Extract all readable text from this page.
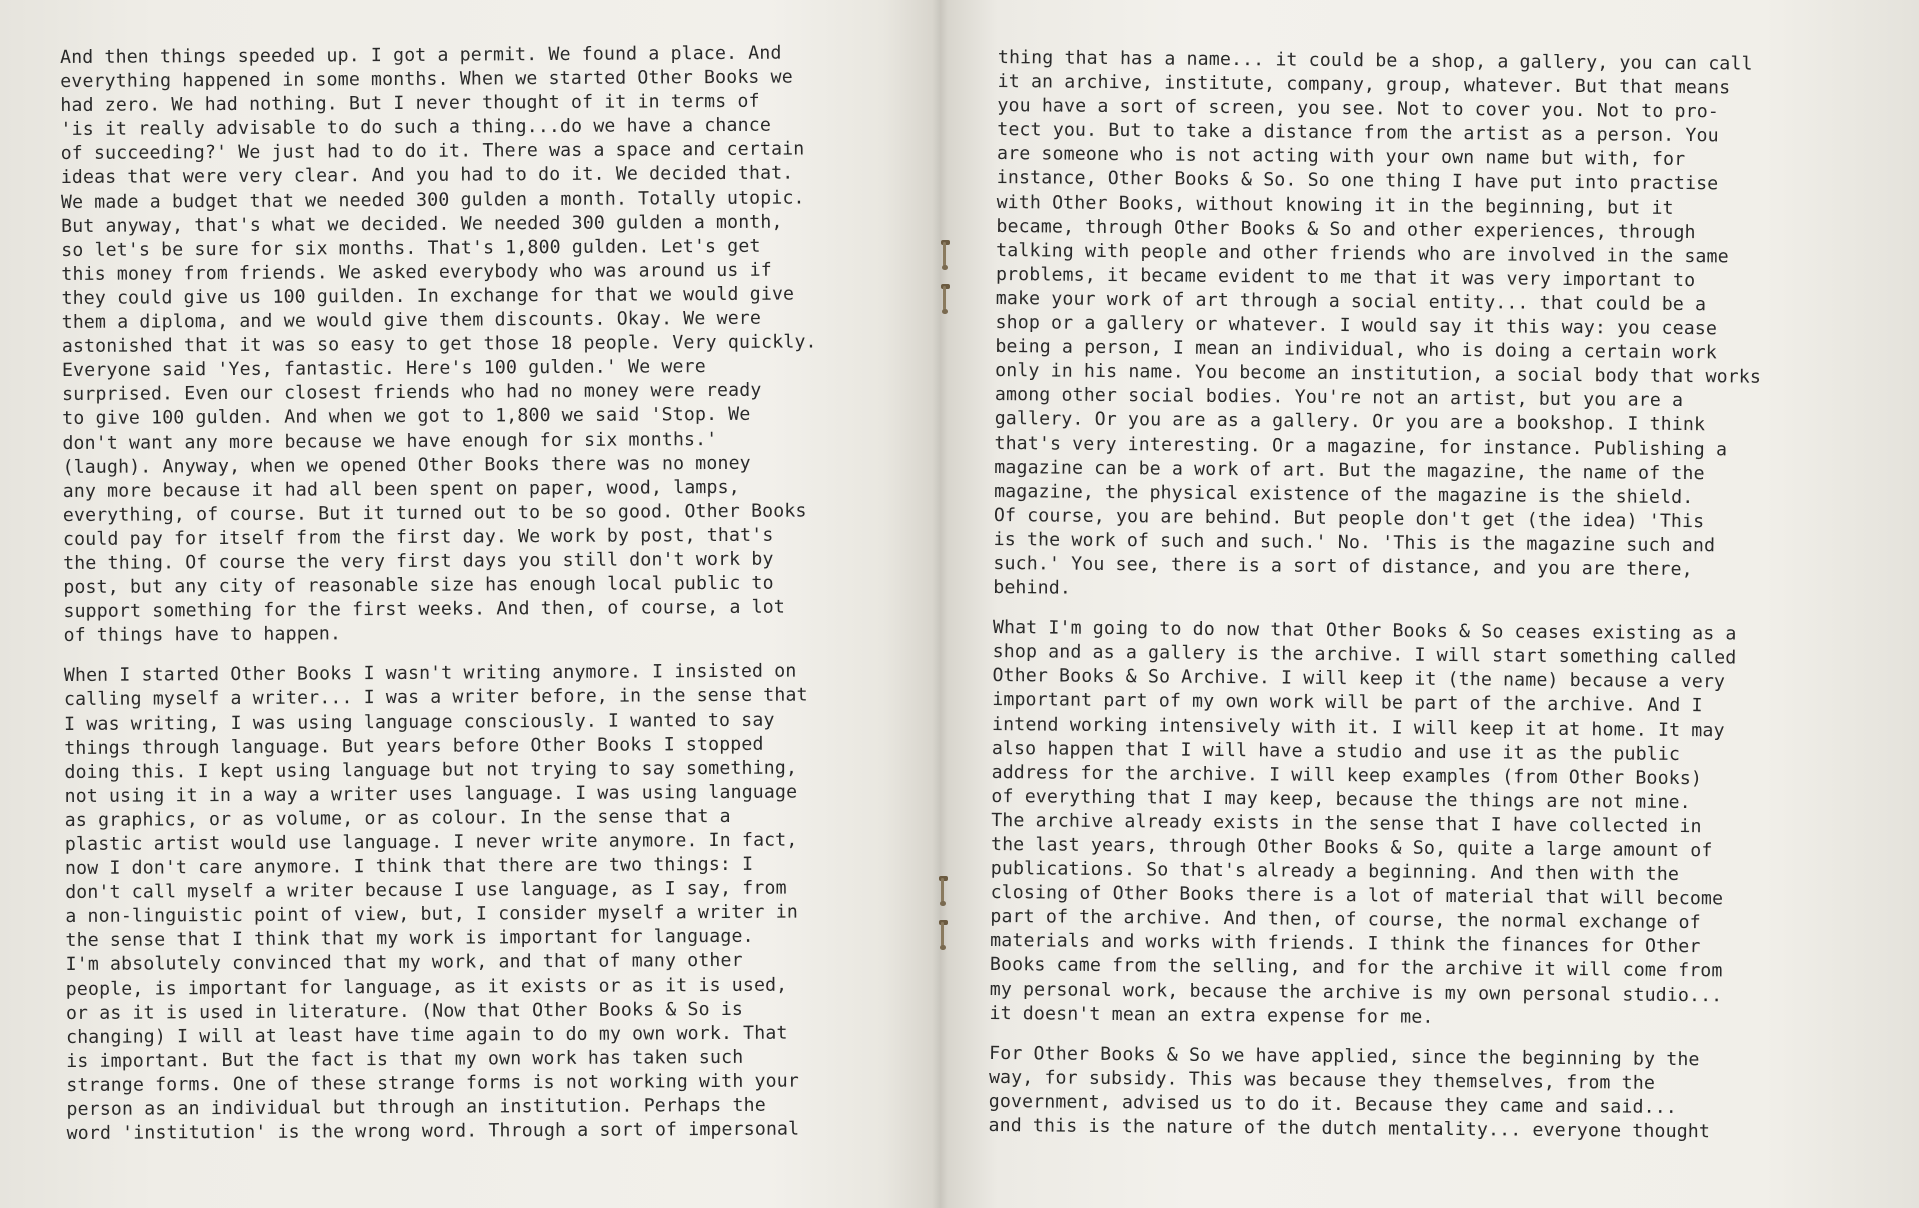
And then things speeded up. I got a permit. We found a place. And
everything happened in some months. When we started Other Books we
had zero. We had nothing. But I never thought of it in terms of
'is it really advisable to do such a thing...do we have a chance
of succeeding?' We just had to do it. There was a space and certain
ideas that were very clear. And you had to do it. We decided that.
We made a budget that we needed 300 gulden a month. Totally utopic.
But anyway, that's what we decided. We needed 300 gulden a month,
so let's be sure for six months. That's 1,800 gulden. Let's get
this money from friends. We asked everybody who was around us if
they could give us 100 guilden. In exchange for that we would give
them a diploma, and we would give them discounts. Okay. We were
astonished that it was so easy to get those 18 people. Very quickly.
Everyone said 'Yes, fantastic. Here's 100 gulden.' We were
surprised. Even our closest friends who had no money were ready
to give 100 gulden. And when we got to 1,800 we said 'Stop. We
don't want any more because we have enough for six months.'
(laugh). Anyway, when we opened Other Books there was no money
any more because it had all been spent on paper, wood, lamps,
everything, of course. But it turned out to be so good. Other Books
could pay for itself from the first day. We work by post, that's
the thing. Of course the very first days you still don't work by
post, but any city of reasonable size has enough local public to
support something for the first weeks. And then, of course, a lot
of things have to happen.
When I started Other Books I wasn't writing anymore. I insisted on
calling myself a writer... I was a writer before, in the sense that
I was writing, I was using language consciously. I wanted to say
things through language. But years before Other Books I stopped
doing this. I kept using language but not trying to say something,
not using it in a way a writer uses language. I was using language
as graphics, or as volume, or as colour. In the sense that a
plastic artist would use language. I never write anymore. In fact,
now I don't care anymore. I think that there are two things: I
don't call myself a writer because I use language, as I say, from
a non-linguistic point of view, but, I consider myself a writer in
the sense that I think that my work is important for language.
I'm absolutely convinced that my work, and that of many other
people, is important for language, as it exists or as it is used,
or as it is used in literature. (Now that Other Books & So is
changing) I will at least have time again to do my own work. That
is important. But the fact is that my own work has taken such
strange forms. One of these strange forms is not working with your
person as an individual but through an institution. Perhaps the
word 'institution' is the wrong word. Through a sort of impersonal
thing that has a name... it could be a shop, a gallery, you can call
it an archive, institute, company, group, whatever. But that means
you have a sort of screen, you see. Not to cover you. Not to pro-
tect you. But to take a distance from the artist as a person. You
are someone who is not acting with your own name but with, for
instance, Other Books & So. So one thing I have put into practise
with Other Books, without knowing it in the beginning, but it
became, through Other Books & So and other experiences, through
talking with people and other friends who are involved in the same
problems, it became evident to me that it was very important to
make your work of art through a social entity... that could be a
shop or a gallery or whatever. I would say it this way: you cease
being a person, I mean an individual, who is doing a certain work
only in his name. You become an institution, a social body that works
among other social bodies. You're not an artist, but you are a
gallery. Or you are as a gallery. Or you are a bookshop. I think
that's very interesting. Or a magazine, for instance. Publishing a
magazine can be a work of art. But the magazine, the name of the
magazine, the physical existence of the magazine is the shield.
Of course, you are behind. But people don't get (the idea) 'This
is the work of such and such.' No. 'This is the magazine such and
such.' You see, there is a sort of distance, and you are there,
behind.
What I'm going to do now that Other Books & So ceases existing as a
shop and as a gallery is the archive. I will start something called
Other Books & So Archive. I will keep it (the name) because a very
important part of my own work will be part of the archive. And I
intend working intensively with it. I will keep it at home. It may
also happen that I will have a studio and use it as the public
address for the archive. I will keep examples (from Other Books)
of everything that I may keep, because the things are not mine.
The archive already exists in the sense that I have collected in
the last years, through Other Books & So, quite a large amount of
publications. So that's already a beginning. And then with the
closing of Other Books there is a lot of material that will become
part of the archive. And then, of course, the normal exchange of
materials and works with friends. I think the finances for Other
Books came from the selling, and for the archive it will come from
my personal work, because the archive is my own personal studio...
it doesn't mean an extra expense for me.
For Other Books & So we have applied, since the beginning by the
way, for subsidy. This was because they themselves, from the
government, advised us to do it. Because they came and said...
and this is the nature of the dutch mentality... everyone thought
